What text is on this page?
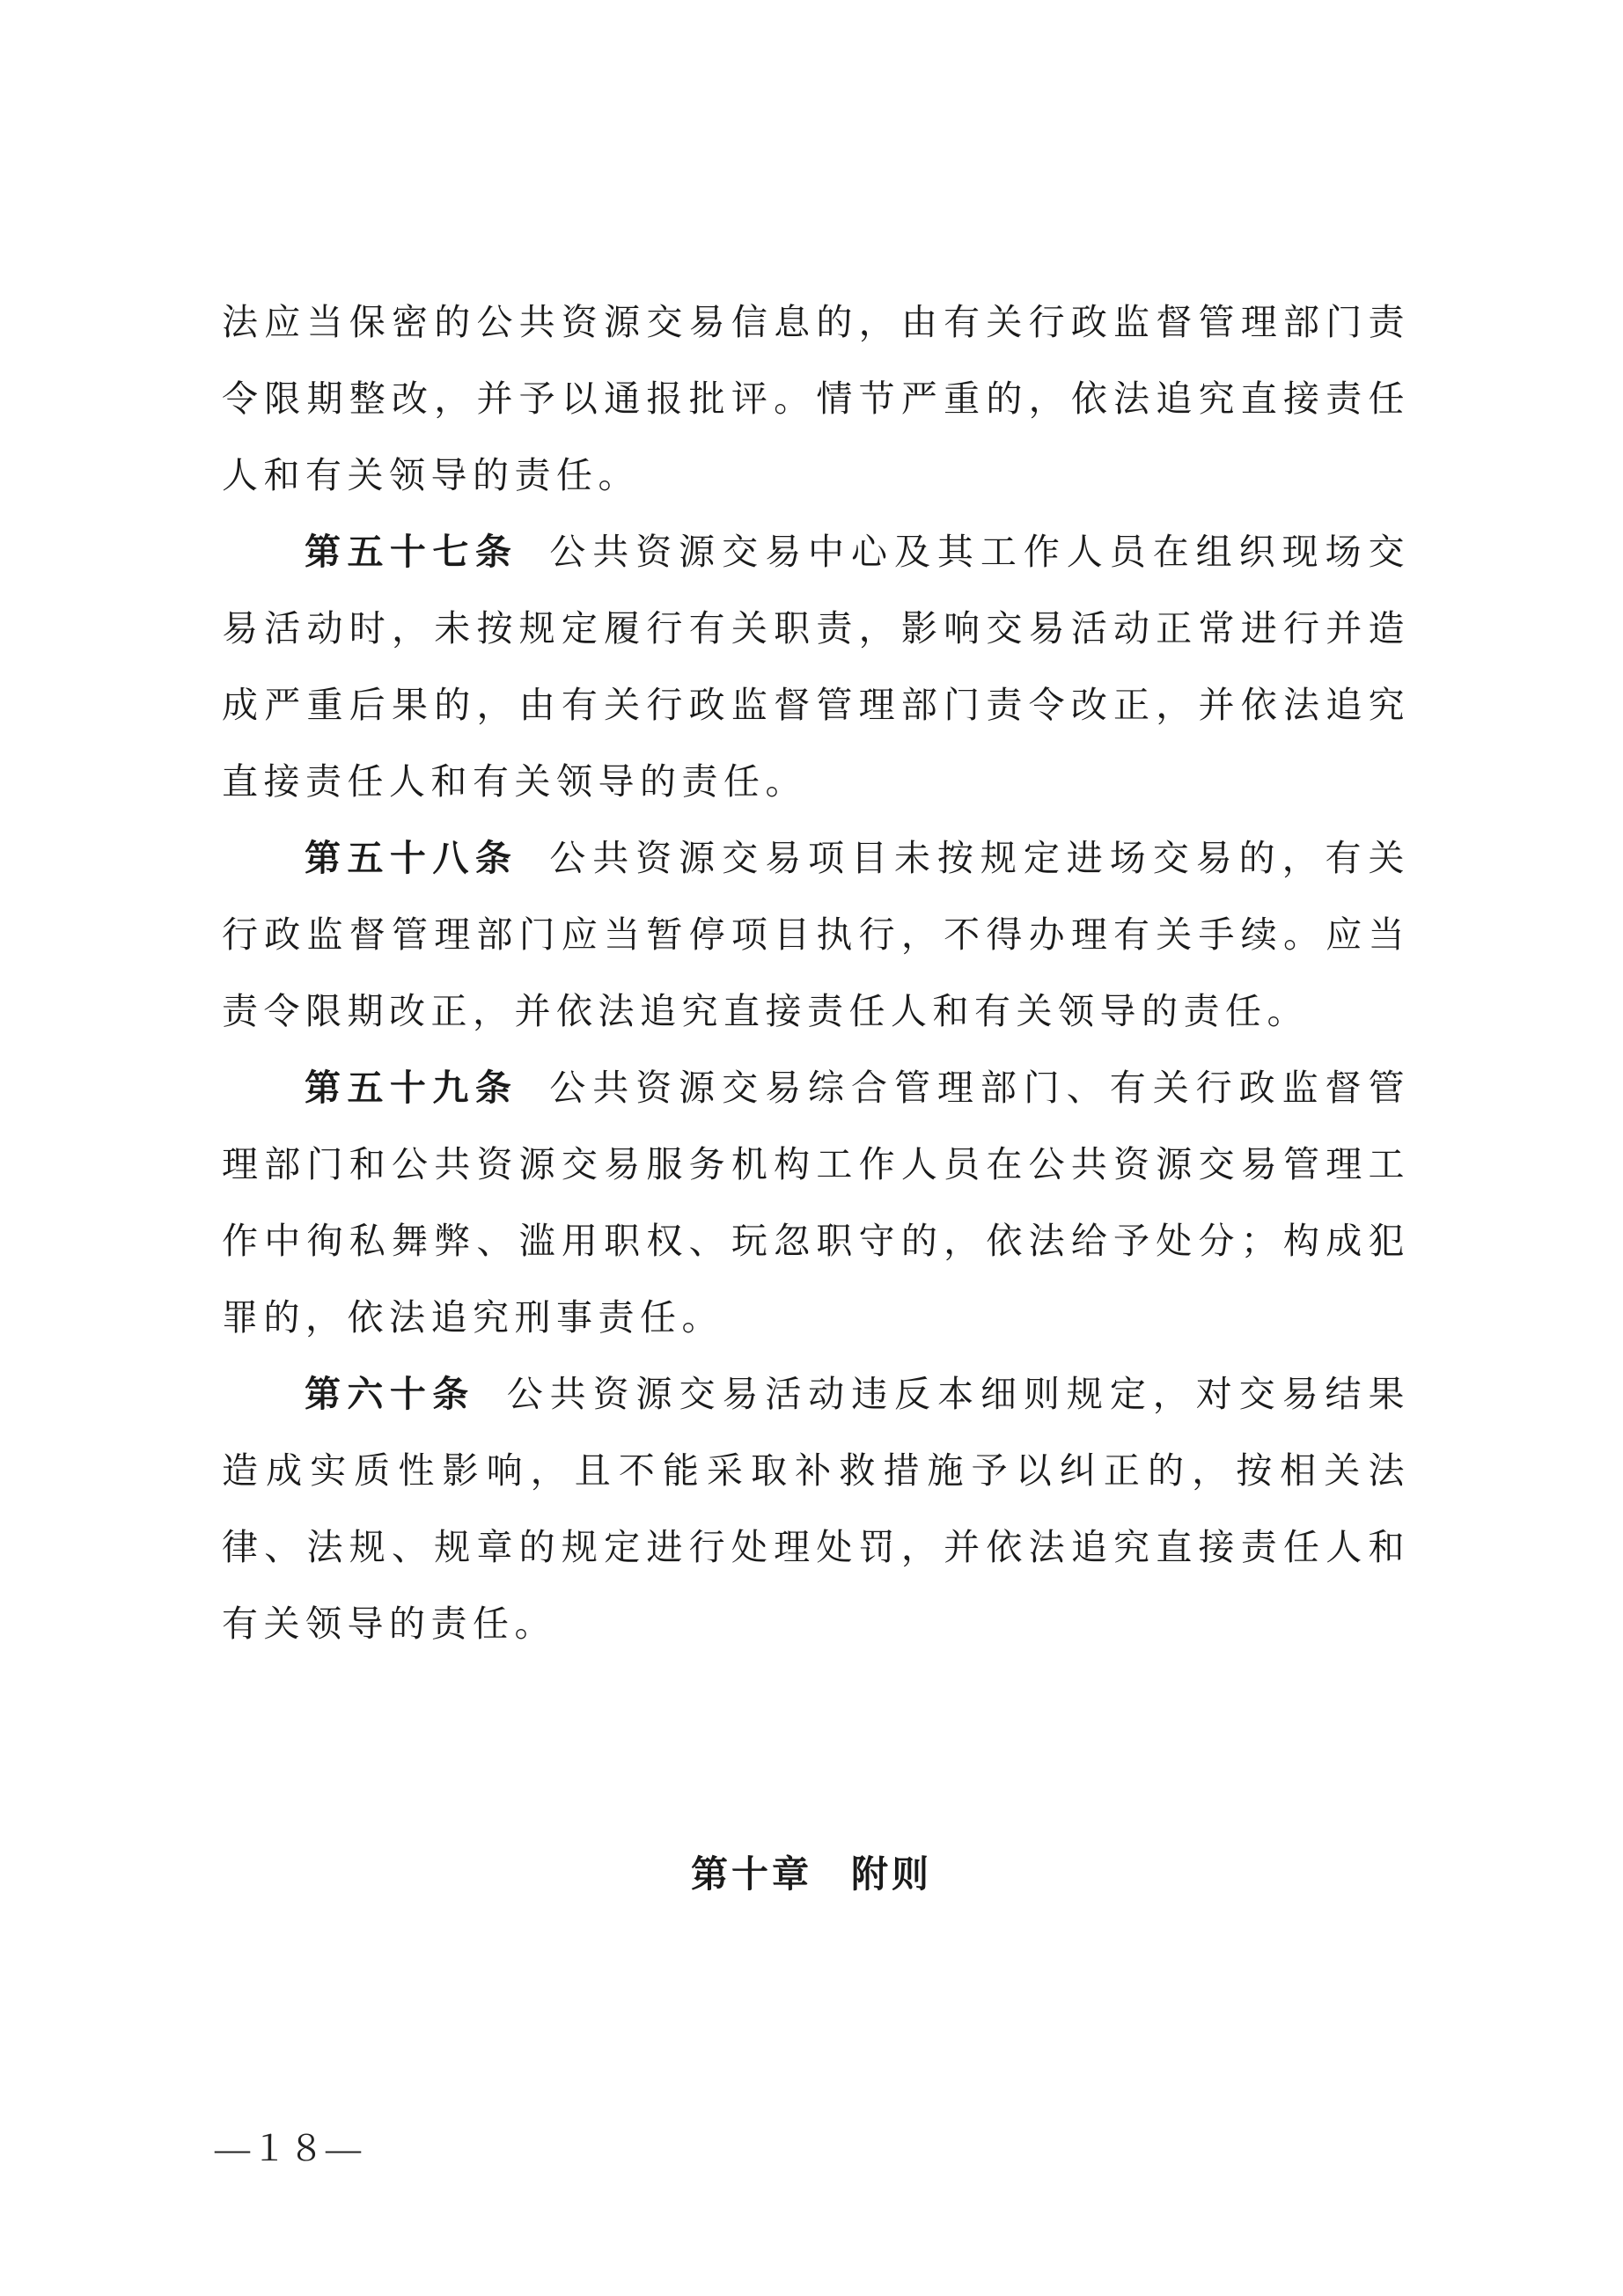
法应当保密的公共资源交易信息的，由有关行政监督管理部门责令限期整改，并予以通报批评。情节严重的，依法追究直接责任人和有关领导的责任。

第五十七条 公共资源交易中心及其工作人员在组织现场交易活动时，未按规定履行有关职责，影响交易活动正常进行并造成严重后果的，由有关行政监督管理部门责令改正，并依法追究直接责任人和有关领导的责任。

第五十八条 公共资源交易项目未按规定进场交易的，有关行政监督管理部门应当暂停项目执行，不得办理有关手续。应当责令限期改正，并依法追究直接责任人和有关领导的责任。

第五十九条 公共资源交易综合管理部门、有关行政监督管理部门和公共资源交易服务机构工作人员在公共资源交易管理工作中徇私舞弊、滥用职权、玩忽职守的，依法给予处分；构成犯罪的，依法追究刑事责任。

第六十条 公共资源交易活动违反本细则规定，对交易结果造成实质性影响，且不能采取补救措施予以纠正的，按相关法律、法规、规章的规定进行处理处罚，并依法追究直接责任人和有关领导的责任。

第十章 附则
—１８—
